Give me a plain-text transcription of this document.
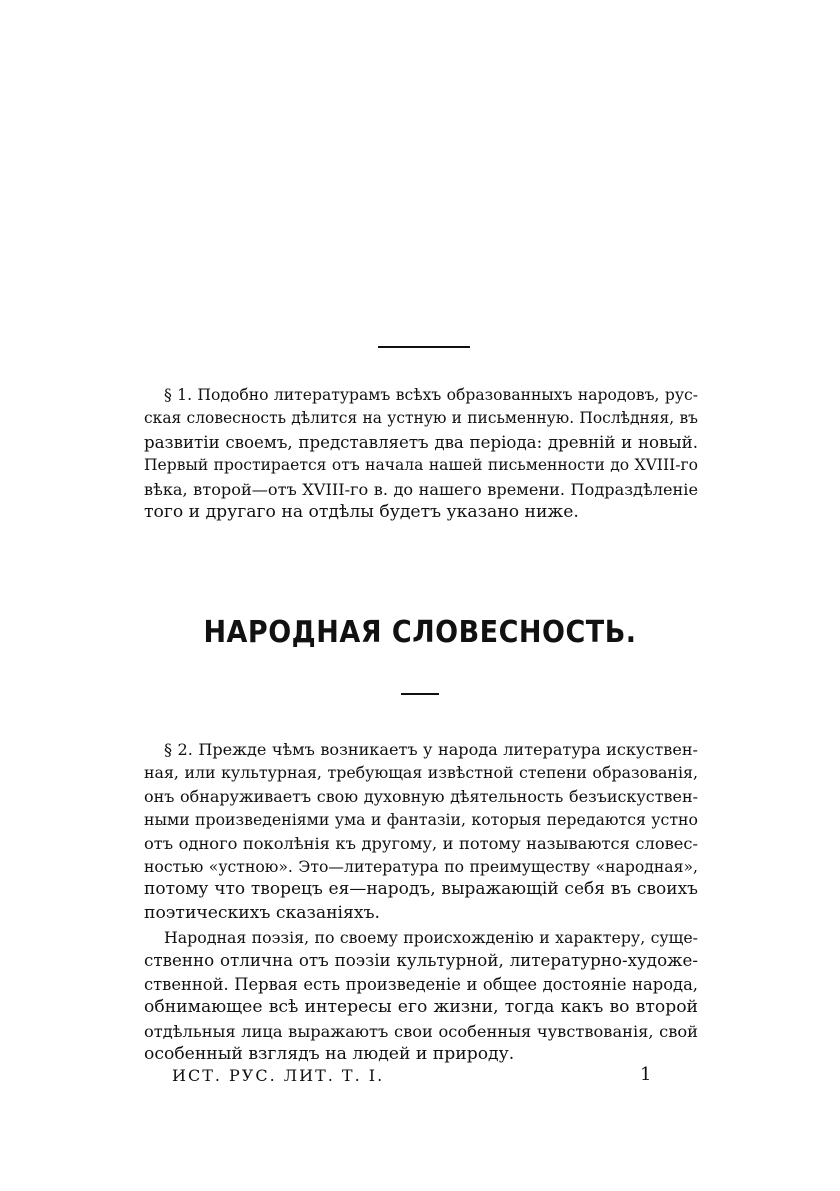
§ 1. Подобно литературамъ всѣхъ образованныхъ народовъ, рус-
ская словесность дѣлится на устную и письменную. Послѣдняя, въ
развитіи своемъ, представляетъ два періода: древній и новый.
Первый простирается отъ начала нашей письменности до XVIII-го
вѣка, второй—отъ XVIII-го в. до нашего времени. Подраздѣленіе
того и другаго на отдѣлы будетъ указано ниже.
НАРОДНАЯ СЛОВЕСНОСТЬ.
§ 2. Прежде чѣмъ возникаетъ у народа литература искуствен-
ная, или культурная, требующая извѣстной степени образованія,
онъ обнаруживаетъ свою духовную дѣятельность безъискуствен-
ными произведеніями ума и фантазіи, которыя передаются устно
отъ одного поколѣнія къ другому, и потому называются словес-
ностью «устною». Это—литература по преимуществу «народная»,
потому что творецъ ея—народъ, выражающій себя въ своихъ
поэтическихъ сказаніяхъ.
Народная поэзія, по своему происхожденію и характеру, суще-
ственно отлична отъ поэзіи культурной, литературно-художе-
ственной. Первая есть произведеніе и общее достояніе народа,
обнимающее всѣ интересы его жизни, тогда какъ во второй
отдѣльныя лица выражаютъ свои особенныя чувствованія, свой
особенный взглядъ на людей и природу.
ИСТ. РУС. ЛИТ. Т. I.	1
